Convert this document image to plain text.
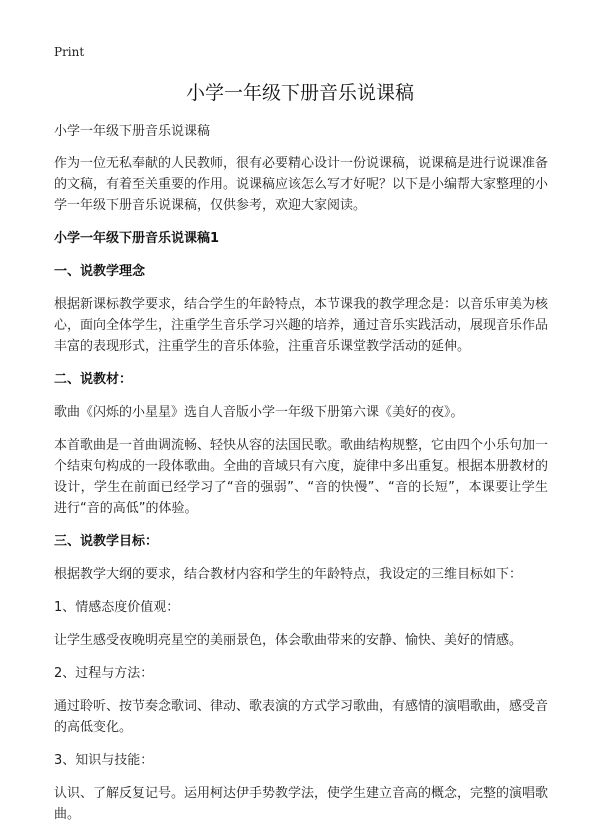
Print
小学一年级下册音乐说课稿

小学一年级下册音乐说课稿

作为一位无私奉献的人民教师，很有必要精心设计一份说课稿，说课稿是进行说课准备的文稿，有着至关重要的作用。说课稿应该怎么写才好呢？以下是小编帮大家整理的小学一年级下册音乐说课稿，仅供参考，欢迎大家阅读。

小学一年级下册音乐说课稿1
一、说教学理念

根据新课标教学要求，结合学生的年龄特点，本节课我的教学理念是：以音乐审美为核心，面向全体学生，注重学生音乐学习兴趣的培养，通过音乐实践活动，展现音乐作品丰富的表现形式，注重学生的音乐体验，注重音乐课堂教学活动的延伸。

二、说教材：

歌曲《闪烁的小星星》选自人音版小学一年级下册第六课《美好的夜》。

本首歌曲是一首曲调流畅、轻快从容的法国民歌。歌曲结构规整，它由四个小乐句加一个结束句构成的一段体歌曲。全曲的音域只有六度，旋律中多出重复。根据本册教材的设计，学生在前面已经学习了“音的强弱”、“音的快慢”、“音的长短”，本课要让学生进行“音的高低”的体验。

三、说教学目标：

根据教学大纲的要求，结合教材内容和学生的年龄特点，我设定的三维目标如下：

1、情感态度价值观：

让学生感受夜晚明亮星空的美丽景色，体会歌曲带来的安静、愉快、美好的情感。

2、过程与方法：

通过聆听、按节奏念歌词、律动、歌表演的方式学习歌曲，有感情的演唱歌曲，感受音的高低变化。

3、知识与技能：

认识、了解反复记号。运用柯达伊手势教学法，使学生建立音高的概念，完整的演唱歌曲。
